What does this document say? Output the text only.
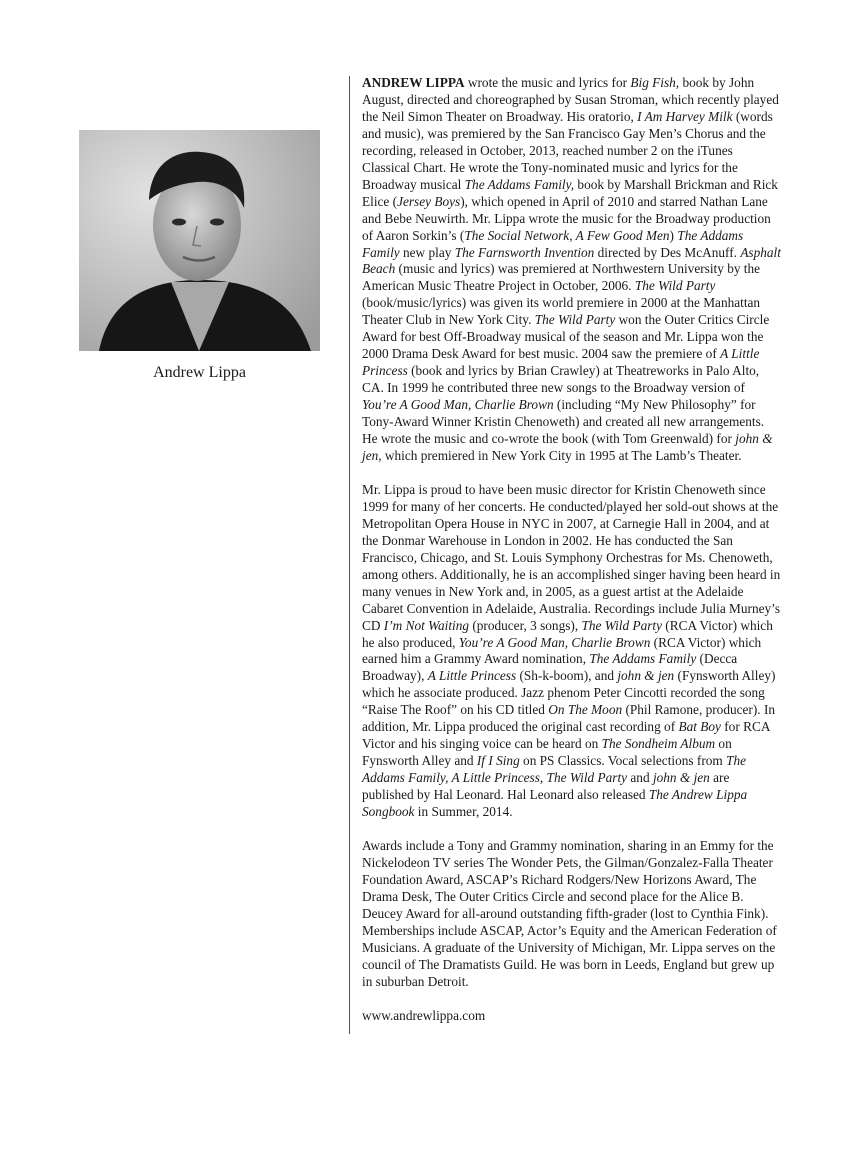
Andrew Lippa

ANDREW LIPPA wrote the music and lyrics for Big Fish, book by John August, directed and choreographed by Susan Stroman, which recently played the Neil Simon Theater on Broadway. His oratorio, I Am Harvey Milk (words and music), was premiered by the San Francisco Gay Men’s Chorus and the recording, released in October, 2013, reached number 2 on the iTunes Classical Chart. He wrote the Tony-nominated music and lyrics for the Broadway musical The Addams Family, book by Marshall Brickman and Rick Elice (Jersey Boys), which opened in April of 2010 and starred Nathan Lane and Bebe Neuwirth. Mr. Lippa wrote the music for the Broadway production of Aaron Sorkin’s (The Social Network, A Few Good Men) The Addams Family new play The Farnsworth Invention directed by Des McAnuff. Asphalt Beach (music and lyrics) was premiered at Northwestern University by the American Music Theatre Project in October, 2006. The Wild Party (book/music/lyrics) was given its world premiere in 2000 at the Manhattan Theater Club in New York City. The Wild Party won the Outer Critics Circle Award for best Off-Broadway musical of the season and Mr. Lippa won the 2000 Drama Desk Award for best music. 2004 saw the premiere of A Little Princess (book and lyrics by Brian Crawley) at Theatreworks in Palo Alto, CA. In 1999 he contributed three new songs to the Broadway version of You’re A Good Man, Charlie Brown (including “My New Philosophy” for Tony-Award Winner Kristin Chenoweth) and created all new arrangements. He wrote the music and co-wrote the book (with Tom Greenwald) for john & jen, which premiered in New York City in 1995 at The Lamb’s Theater.

Mr. Lippa is proud to have been music director for Kristin Chenoweth since 1999 for many of her concerts. He conducted/played her sold-out shows at the Metropolitan Opera House in NYC in 2007, at Carnegie Hall in 2004, and at the Donmar Warehouse in London in 2002. He has conducted the San Francisco, Chicago, and St. Louis Symphony Orchestras for Ms. Chenoweth, among others. Additionally, he is an accomplished singer having been heard in many venues in New York and, in 2005, as a guest artist at the Adelaide Cabaret Convention in Adelaide, Australia. Recordings include Julia Murney’s CD I’m Not Waiting (producer, 3 songs), The Wild Party (RCA Victor) which he also produced, You’re A Good Man, Charlie Brown (RCA Victor) which earned him a Grammy Award nomination, The Addams Family (Decca Broadway), A Little Princess (Sh-k-boom), and john & jen (Fynsworth Alley) which he associate produced. Jazz phenom Peter Cincotti recorded the song “Raise The Roof” on his CD titled On The Moon (Phil Ramone, producer). In addition, Mr. Lippa produced the original cast recording of Bat Boy for RCA Victor and his singing voice can be heard on The Sondheim Album on Fynsworth Alley and If I Sing on PS Classics. Vocal selections from The Addams Family, A Little Princess, The Wild Party and john & jen are published by Hal Leonard. Hal Leonard also released The Andrew Lippa Songbook in Summer, 2014.

Awards include a Tony and Grammy nomination, sharing in an Emmy for the Nickelodeon TV series The Wonder Pets, the Gilman/Gonzalez-Falla Theater Foundation Award, ASCAP’s Richard Rodgers/New Horizons Award, The Drama Desk, The Outer Critics Circle and second place for the Alice B. Deucey Award for all-around outstanding fifth-grader (lost to Cynthia Fink). Memberships include ASCAP, Actor’s Equity and the American Federation of Musicians. A graduate of the University of Michigan, Mr. Lippa serves on the council of The Dramatists Guild. He was born in Leeds, England but grew up in suburban Detroit.

www.andrewlippa.com
